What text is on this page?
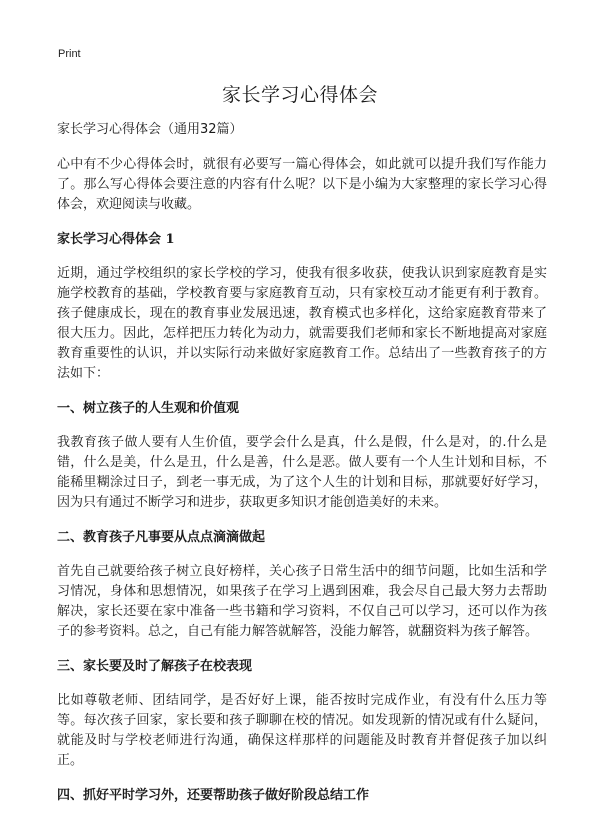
Print
家长学习心得体会

家长学习心得体会（通用32篇）

心中有不少心得体会时，就很有必要写一篇心得体会，如此就可以提升我们写作能力了。那么写心得体会要注意的内容有什么呢？以下是小编为大家整理的家长学习心得体会，欢迎阅读与收藏。

家长学习心得体会 1

近期，通过学校组织的家长学校的学习，使我有很多收获，使我认识到家庭教育是实施学校教育的基础，学校教育要与家庭教育互动，只有家校互动才能更有利于教育。孩子健康成长，现在的教育事业发展迅速，教育模式也多样化，这给家庭教育带来了很大压力。因此，怎样把压力转化为动力，就需要我们老师和家长不断地提高对家庭教育重要性的认识，并以实际行动来做好家庭教育工作。总结出了一些教育孩子的方法如下：

一、树立孩子的人生观和价值观

我教育孩子做人要有人生价值，要学会什么是真，什么是假，什么是对，的.什么是错，什么是美，什么是丑，什么是善，什么是恶。做人要有一个人生计划和目标，不能稀里糊涂过日子，到老一事无成，为了这个人生的计划和目标，那就要好好学习，因为只有通过不断学习和进步，获取更多知识才能创造美好的未来。

二、教育孩子凡事要从点点滴滴做起

首先自己就要给孩子树立良好榜样，关心孩子日常生活中的细节问题，比如生活和学习情况，身体和思想情况，如果孩子在学习上遇到困难，我会尽自己最大努力去帮助解决，家长还要在家中准备一些书籍和学习资料，不仅自己可以学习，还可以作为孩子的参考资料。总之，自己有能力解答就解答，没能力解答，就翻资料为孩子解答。

三、家长要及时了解孩子在校表现

比如尊敬老师、团结同学，是否好好上课，能否按时完成作业，有没有什么压力等等。每次孩子回家，家长要和孩子聊聊在校的情况。如发现新的情况或有什么疑问，就能及时与学校老师进行沟通，确保这样那样的问题能及时教育并督促孩子加以纠正。

四、抓好平时学习外，还要帮助孩子做好阶段总结工作
